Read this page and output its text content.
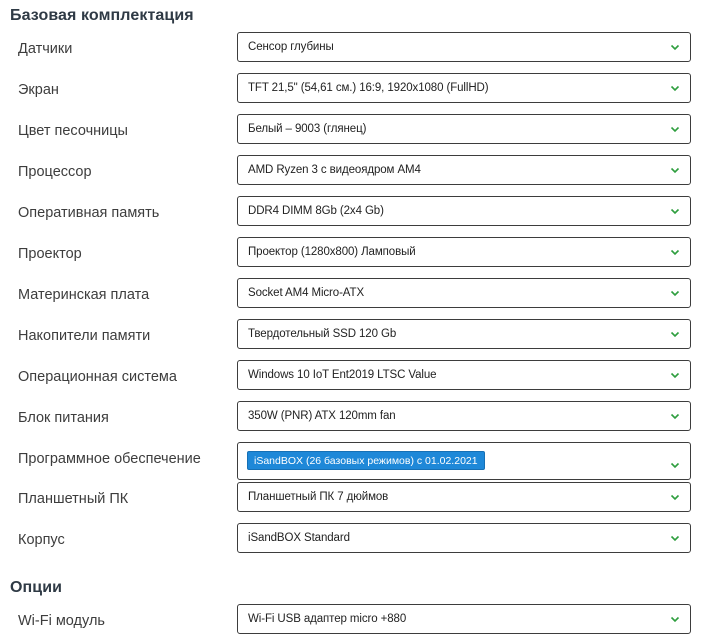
Базовая комплектация
Датчики	Сенсор глубины
Экран	TFT 21,5" (54,61 см.) 16:9, 1920x1080 (FullHD)
Цвет песочницы	Белый – 9003 (глянец)
Процессор	AMD Ryzen 3 с видеоядром AM4
Оперативная память	DDR4 DIMM 8Gb (2x4 Gb)
Проектор	Проектор (1280x800) Ламповый
Материнская плата	Socket AM4 Micro-ATX
Накопители памяти	Твердотельный SSD 120 Gb
Операционная система	Windows 10 IoT Ent2019 LTSC Value
Блок питания	350W (PNR) ATX 120mm fan
Программное обеспечение	iSandBOX (26 базовых режимов) с 01.02.2021
Планшетный ПК	Планшетный ПК 7 дюймов
Корпус	iSandBOX Standard
Опции
Wi-Fi модуль	Wi-Fi USB адаптер micro +880
